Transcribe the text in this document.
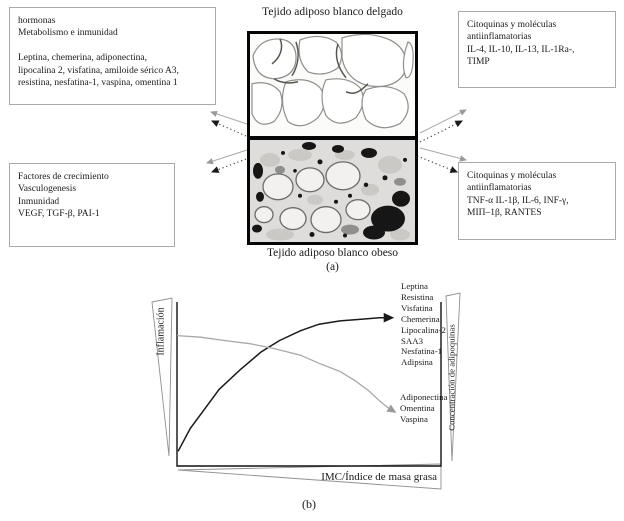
Tejido adiposo blanco delgado
hormonas
Metabolismo e inmunidad
Leptina, chemerina, adiponectina,
lipocalina 2, visfatina, amiloide sérico A3,
resistina, nesfatina-1, vaspina, omentina 1
Citoquinas y moléculas
antiinflamatorias
IL-4, IL-10, IL-13, IL-1Ra-,
TIMP
Factores de crecimiento
Vasculogenesis
Inmunidad
VEGF, TGF-β, PAI-1
Citoquinas y moléculas
antiinflamatorias
TNF-α IL-1β, IL-6, INF-γ,
MIΠ–1β, RANTES
Tejido adiposo blanco obeso
(a)
Inflamación	Concentración de adipoquinas
IMC/Índice de masa grasa
Leptina
Resistina
Visfatina
Chemerina
Lipocalina-2
SAA3
Nesfatina-1
Adipsina
Adiponectina
Omentina
Vaspina
(b)
